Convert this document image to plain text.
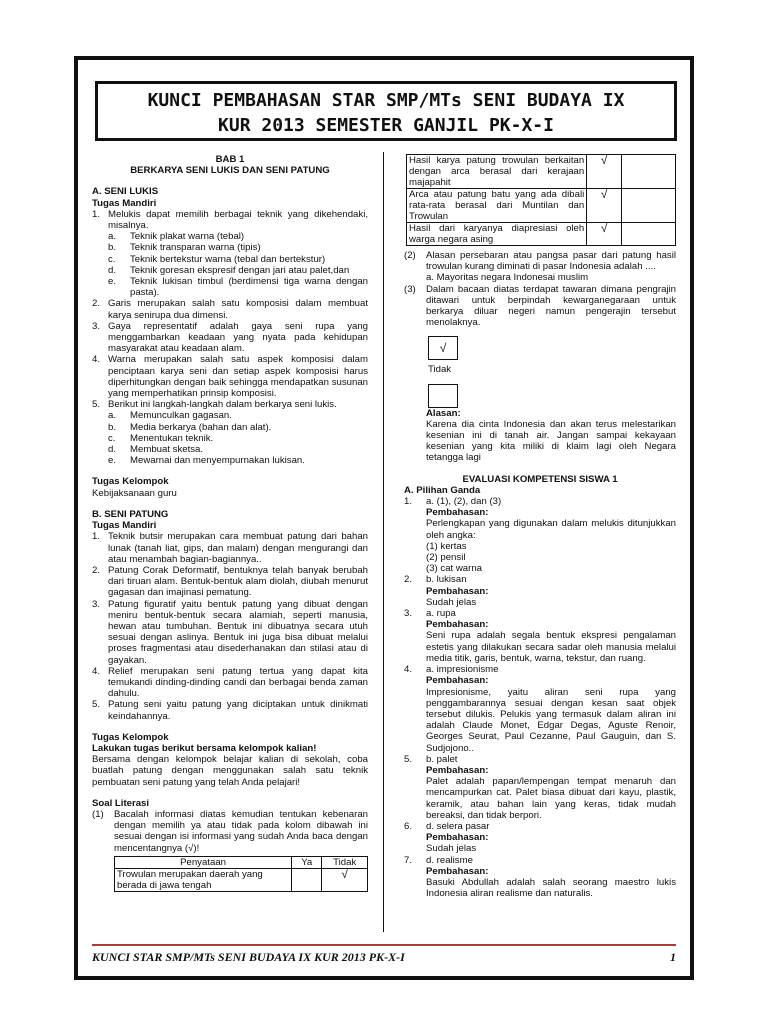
KUNCI PEMBAHASAN STAR SMP/MTs SENI BUDAYA IX
KUR 2013 SEMESTER GANJIL PK-X-I
BAB 1
BERKARYA SENI LUKIS DAN SENI PATUNG
A. SENI LUKIS
Tugas Mandiri
1. Melukis dapat memilih berbagai teknik yang dikehendaki, misalnya.
a.	Teknik plakat warna (tebal)
b.	Teknik transparan warna (tipis)
c.	Teknik bertekstur warna (tebal dan bertekstur)
d.	Teknik goresan ekspresif dengan jari atau palet,dan
e.	Teknik lukisan timbul (berdimensi tiga warna dengan pasta).
2. Garis merupakan salah satu komposisi dalam membuat karya senirupa dua dimensi.
3. Gaya representatif adalah gaya seni rupa yang menggambarkan keadaan yang nyata pada kehidupan masyarakat atau keadaan alam.
4. Warna merupakan salah satu aspek komposisi dalam penciptaan karya seni dan setiap aspek komposisi harus diperhitungkan dengan baik sehingga mendapatkan susunan yang memperhatikan prinsip komposisi.
5. Berikut ini langkah-langkah dalam berkarya seni lukis.
a.	Memunculkan gagasan.
b.	Media berkarya (bahan dan alat).
c.	Menentukan teknik.
d.	Membuat sketsa.
e.	Mewarnai dan menyempurnakan lukisan.
Tugas Kelompok
Kebijaksanaan guru
B. SENI PATUNG
Tugas Mandiri
1. Teknik butsir merupakan cara membuat patung dari bahan lunak (tanah liat, gips, dan malam) dengan mengurangi dan atau menambah bagian-bagiannya..
2. Patung Corak Deformatif, bentuknya telah banyak berubah dari tiruan alam. Bentuk-bentuk alam diolah, diubah menurut gagasan dan imajinasi pematung.
3. Patung figuratif yaitu bentuk patung yang dibuat dengan meniru bentuk-bentuk secara alamiah, seperti manusia, hewan atau tumbuhan. Bentuk ini dibuatnya secara utuh sesuai dengan aslinya. Bentuk ini juga bisa dibuat melalui proses fragmentasi atau disederhanakan dan stilasi atau di gayakan.
4. Relief merupakan seni patung tertua yang dapat kita temukandi dinding-dinding candi dan berbagai benda zaman dahulu.
5. Patung seni yaitu patung yang diciptakan untuk dinikmati keindahannya.
Tugas Kelompok
Lakukan tugas berikut bersama kelompok kalian!
Bersama dengan kelompok belajar kalian di sekolah, coba buatlah patung dengan menggunakan salah satu teknik pembuatan seni patung yang telah Anda pelajari!
Soal Literasi
(1)	Bacalah informasi diatas kemudian tentukan kebenaran dengan memilih ya atau tidak pada kolom dibawah ini sesuai dengan isi informasi yang sudah Anda baca dengan mencentangnya (√)!
Penyataan	Ya	Tidak
Trowulan merupakan daerah yang berada di jawa tengah		√
Hasil karya patung trowulan berkaitan dengan arca berasal dari kerajaan majapahit	√	
Arca atau patung batu yang ada dibali rata-rata berasal dari Muntilan dan Trowulan	√	
Hasil dari karyanya diapresiasi oleh warga negara asing	√	
(2)	Alasan persebaran atau pangsa pasar dari patung hasil trowulan kurang diminati di pasar Indonesia adalah ....
a. Mayoritas negara Indonesai muslim
(3)	Dalam bacaan diatas terdapat tawaran dimana pengrajin ditawari untuk berpindah kewarganegaraan untuk berkarya diluar negeri namun pengerajin tersebut menolaknya.
√
Tidak
Alasan:
Karena dia cinta Indonesia dan akan terus melestarikan kesenian ini di tanah air. Jangan sampai kekayaan kesenian yang kita miliki di klaim lagi oleh Negara tetangga lagi
EVALUASI KOMPETENSI SISWA 1
A. Pilihan Ganda
1.	a. (1), (2), dan (3)
Pembahasan:
Perlengkapan yang digunakan dalam melukis ditunjukkan oleh angka:
(1) kertas
(2) pensil
(3) cat warna
2.	b. lukisan
Pembahasan:
Sudah jelas
3.	a. rupa
Pembahasan:
Seni rupa adalah segala bentuk ekspresi pengalaman estetis yang dilakukan secara sadar oleh manusia melalui media titik, garis, bentuk, warna, tekstur, dan ruang.
4.	a. impresionisme
Pembahasan:
Impresionisme, yaitu aliran seni rupa yang penggambarannya sesuai dengan kesan saat objek tersebut dilukis. Pelukis yang termasuk dalam aliran ini adalah Claude Monet, Edgar Degas, Aguste Renoir, Georges Seurat, Paul Cezanne, Paul Gauguin, dan S. Sudjojono..
5.	b. palet
Pembahasan:
Palet adalah papan/lempengan tempat menaruh dan mencampurkan cat. Palet biasa dibuat dari kayu, plastik, keramik, atau bahan lain yang keras, tidak mudah bereaksi, dan tidak berpori.
6.	d. selera pasar
Pembahasan:
Sudah jelas
7.	d. realisme
Pembahasan:
Basuki Abdullah adalah salah seorang maestro lukis Indonesia aliran realisme dan naturalis.
KUNCI STAR SMP/MTs SENI BUDAYA IX KUR 2013 PK-X-I	1
